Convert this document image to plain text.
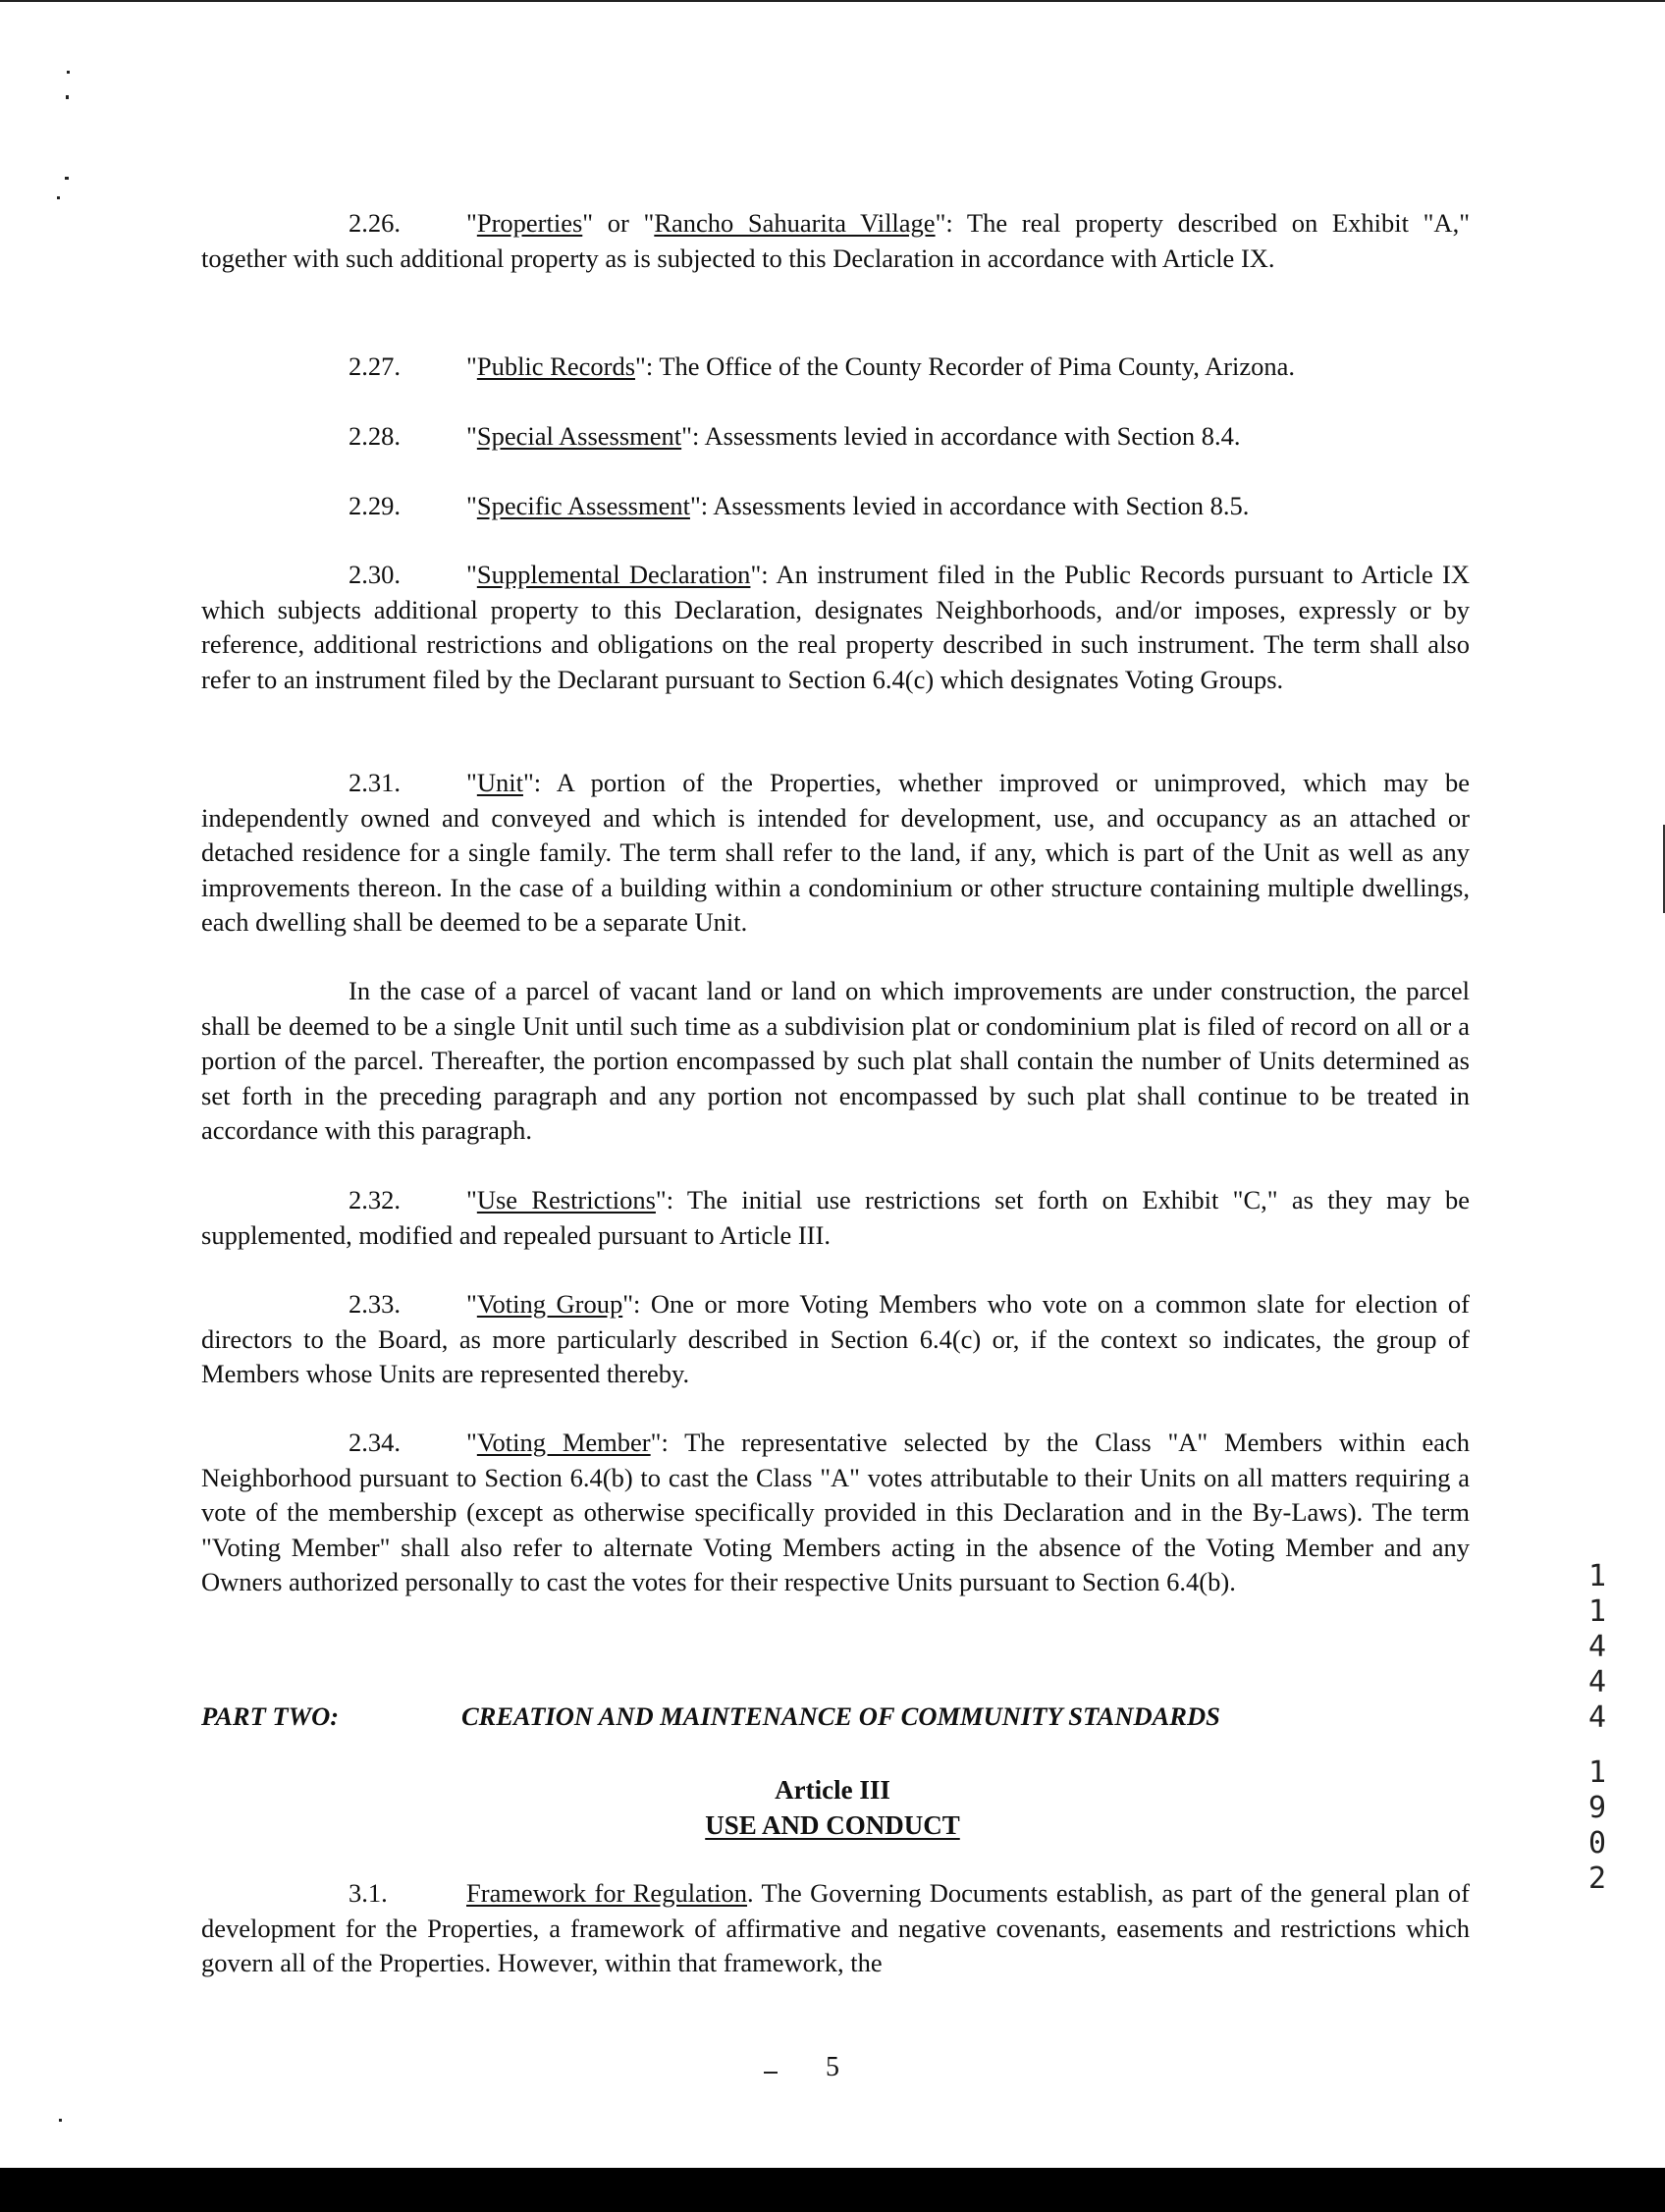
2.26.	"Properties" or "Rancho Sahuarita Village": The real property described on Exhibit "A," together with such additional property as is subjected to this Declaration in accordance with Article IX.

2.27.	"Public Records": The Office of the County Recorder of Pima County, Arizona.

2.28.	"Special Assessment": Assessments levied in accordance with Section 8.4.

2.29.	"Specific Assessment": Assessments levied in accordance with Section 8.5.

2.30.	"Supplemental Declaration": An instrument filed in the Public Records pursuant to Article IX which subjects additional property to this Declaration, designates Neighborhoods, and/or imposes, expressly or by reference, additional restrictions and obligations on the real property described in such instrument. The term shall also refer to an instrument filed by the Declarant pursuant to Section 6.4(c) which designates Voting Groups.

2.31.	"Unit": A portion of the Properties, whether improved or unimproved, which may be independently owned and conveyed and which is intended for development, use, and occupancy as an attached or detached residence for a single family. The term shall refer to the land, if any, which is part of the Unit as well as any improvements thereon. In the case of a building within a condominium or other structure containing multiple dwellings, each dwelling shall be deemed to be a separate Unit.

In the case of a parcel of vacant land or land on which improvements are under construction, the parcel shall be deemed to be a single Unit until such time as a subdivision plat or condominium plat is filed of record on all or a portion of the parcel. Thereafter, the portion encompassed by such plat shall contain the number of Units determined as set forth in the preceding paragraph and any portion not encompassed by such plat shall continue to be treated in accordance with this paragraph.

2.32.	"Use Restrictions": The initial use restrictions set forth on Exhibit "C," as they may be supplemented, modified and repealed pursuant to Article III.

2.33.	"Voting Group": One or more Voting Members who vote on a common slate for election of directors to the Board, as more particularly described in Section 6.4(c) or, if the context so indicates, the group of Members whose Units are represented thereby.

2.34.	"Voting Member": The representative selected by the Class "A" Members within each Neighborhood pursuant to Section 6.4(b) to cast the Class "A" votes attributable to their Units on all matters requiring a vote of the membership (except as otherwise specifically provided in this Declaration and in the By-Laws). The term "Voting Member" shall also refer to alternate Voting Members acting in the absence of the Voting Member and any Owners authorized personally to cast the votes for their respective Units pursuant to Section 6.4(b).

PART TWO:	CREATION AND MAINTENANCE OF COMMUNITY STANDARDS
Article III
USE AND CONDUCT

3.1.	Framework for Regulation. The Governing Documents establish, as part of the general plan of development for the Properties, a framework of affirmative and negative covenants, easements and restrictions which govern all of the Properties. However, within that framework, the

5
1
1
4
4
4
1
9
0
2
